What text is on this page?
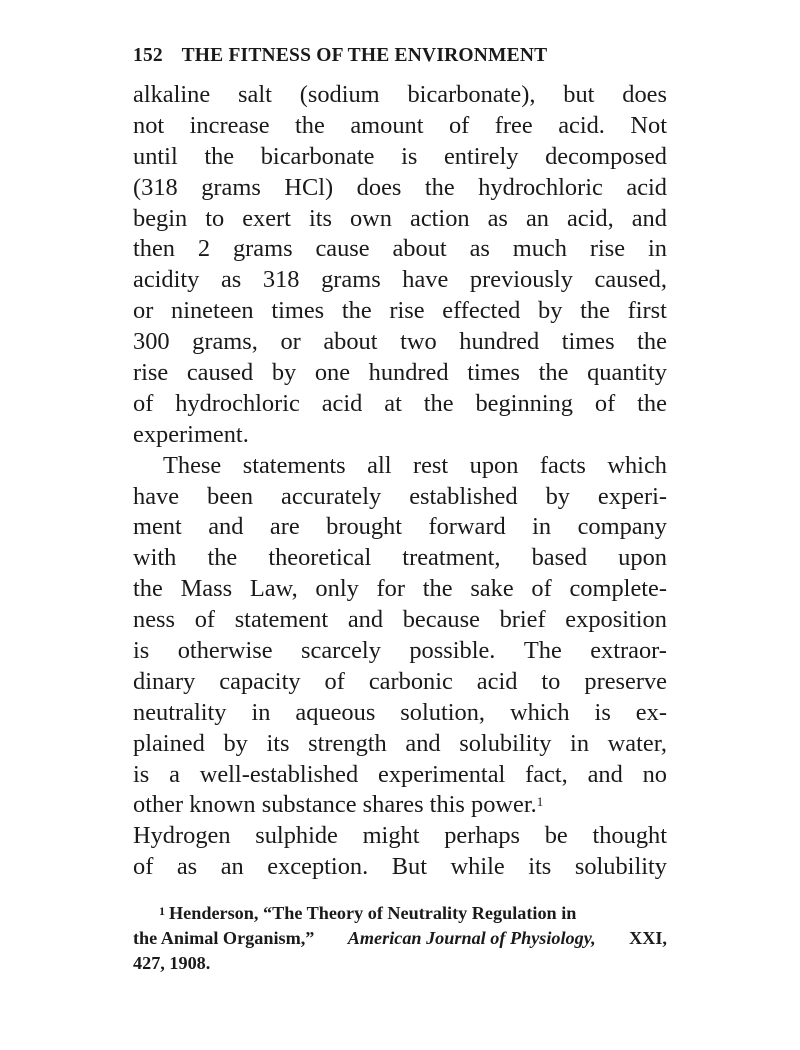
152 THE FITNESS OF THE ENVIRONMENT
alkaline salt (sodium bicarbonate), but does
not increase the amount of free acid. Not
until the bicarbonate is entirely decomposed
(318 grams HCl) does the hydrochloric acid
begin to exert its own action as an acid, and
then 2 grams cause about as much rise in
acidity as 318 grams have previously caused,
or nineteen times the rise effected by the first
300 grams, or about two hundred times the
rise caused by one hundred times the quantity
of hydrochloric acid at the beginning of the
experiment.
These statements all rest upon facts which
have been accurately established by experi-
ment and are brought forward in company
with the theoretical treatment, based upon
the Mass Law, only for the sake of complete-
ness of statement and because brief exposition
is otherwise scarcely possible. The extraor-
dinary capacity of carbonic acid to preserve
neutrality in aqueous solution, which is ex-
plained by its strength and solubility in water,
is a well-established experimental fact, and no
other known substance shares this power. 1
Hydrogen sulphide might perhaps be thought
of as an exception. But while its solubility
$^1$ Henderson, “The Theory of Neutrality Regulation in
the Animal Organism,” American Journal of Physiology, XXI,
427, 1908.
